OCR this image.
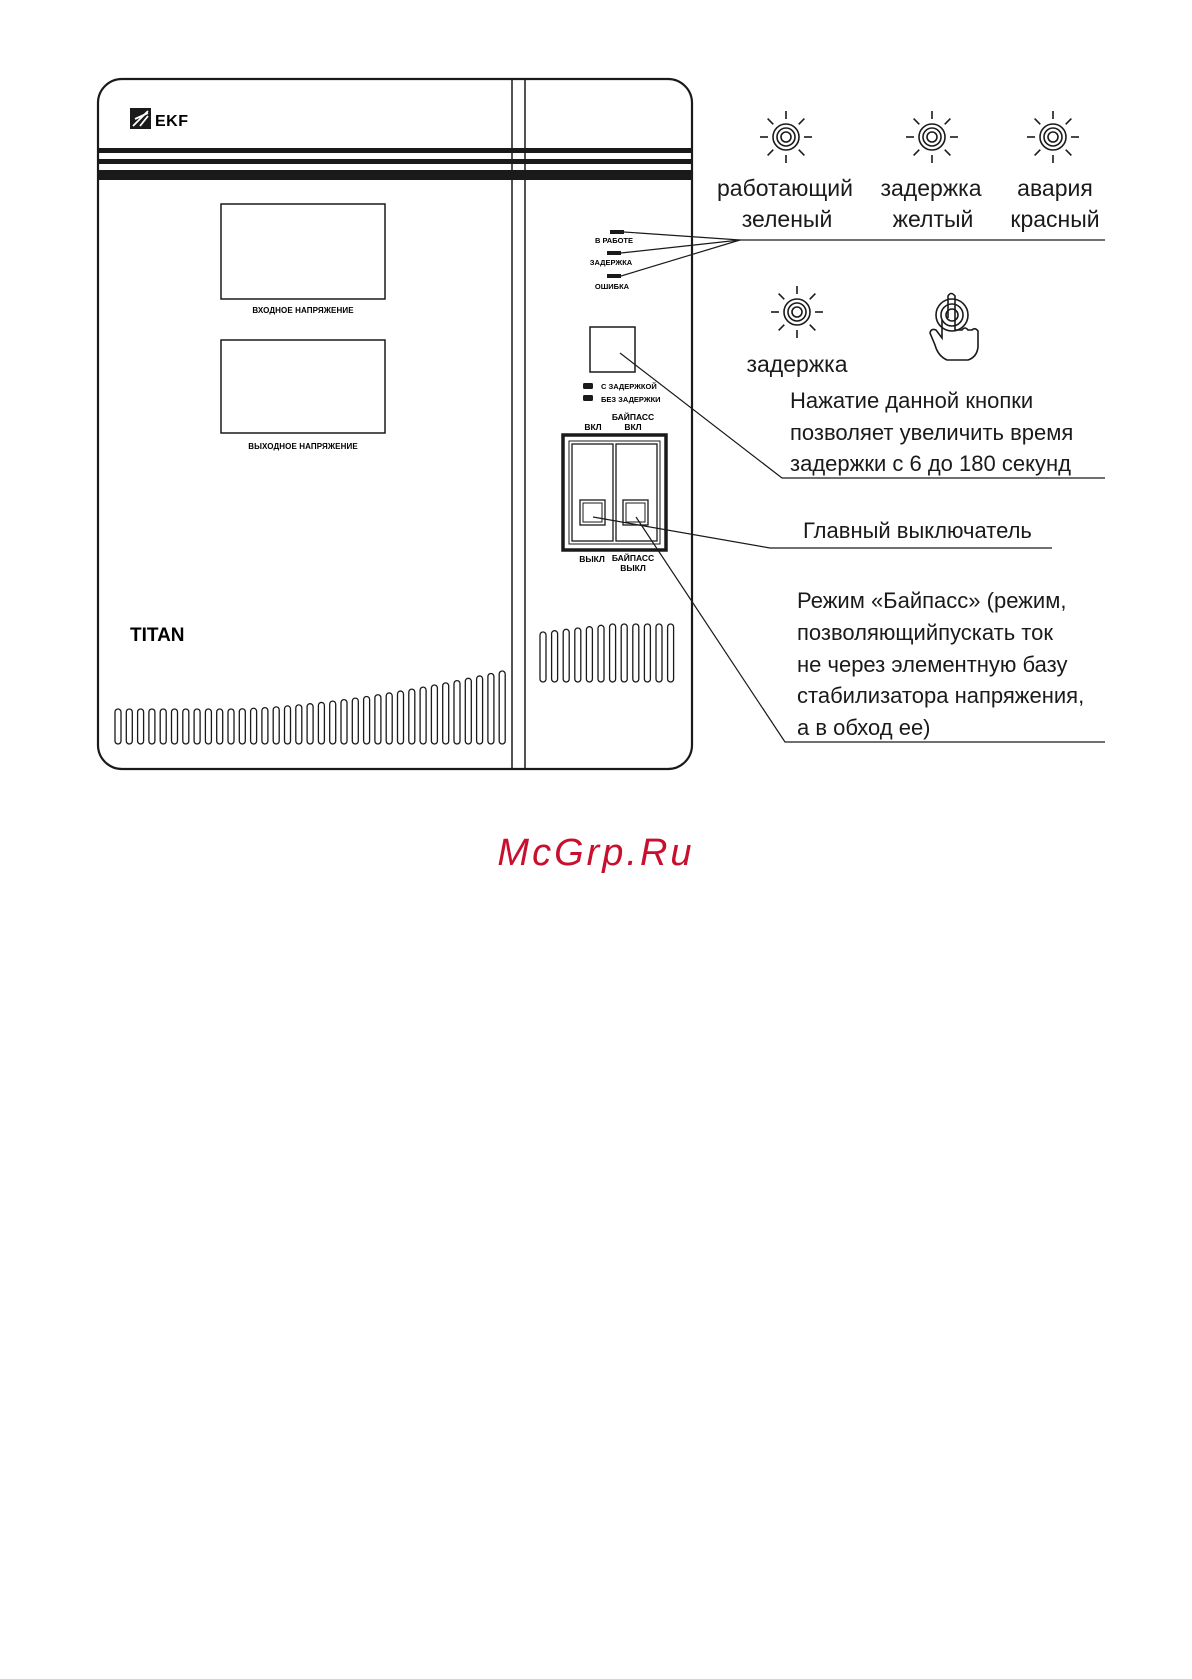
EKF
ВХОДНОЕ НАПРЯЖЕНИЕ
ВЫХОДНОЕ НАПРЯЖЕНИЕ
В РАБОТЕ
ЗАДЕРЖКА
ОШИБКА
С ЗАДЕРЖКОЙ
БЕЗ ЗАДЕРЖКИ
ВКЛ
БАЙПАСС
ВКЛ
ВЫКЛ БАЙПАСС
ВЫКЛ
TITAN
работающий
зеленый
задержка
желтый
авария
красный
задержка
Нажатие данной кнопки
позволяет увеличить время
задержки с 6 до 180 секунд
Главный выключатель
Режим «Байпасс» (режим,
позволяющийпускать ток
не через элементную базу
стабилизатора напряжения,
а в обход ее)
McGrp.Ru
